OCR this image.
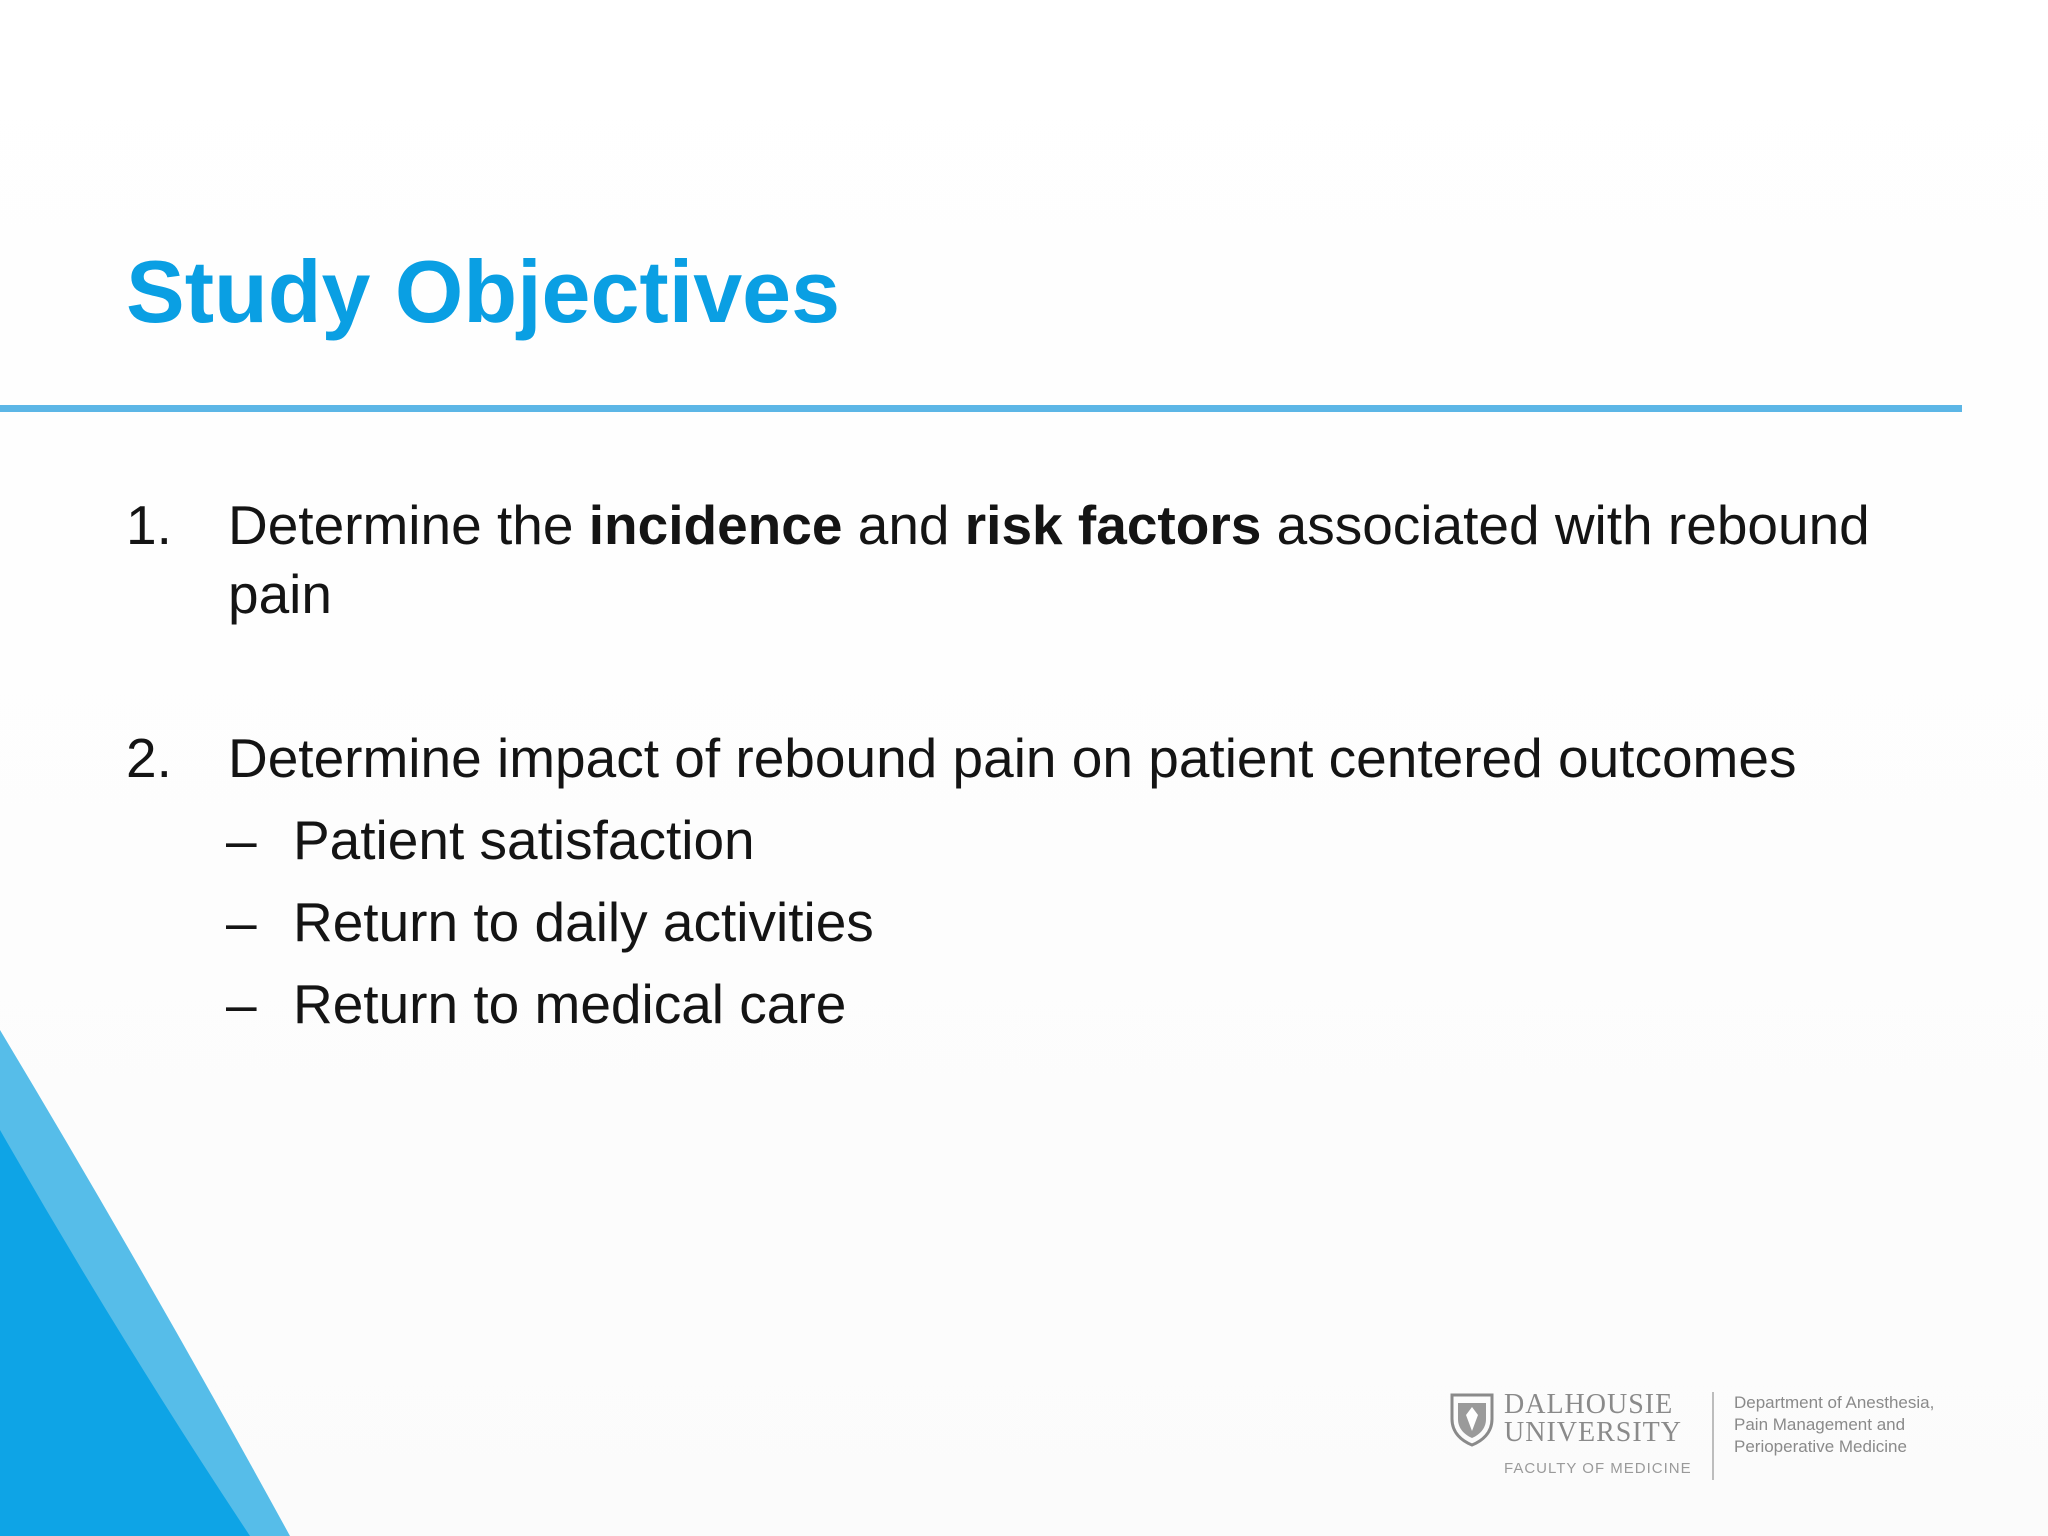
Study Objectives
1. Determine the incidence and risk factors associated with rebound
pain
2. Determine impact of rebound pain on patient centered outcomes
– Patient satisfaction
– Return to daily activities
– Return to medical care
DALHOUSIE
UNIVERSITY
FACULTY OF MEDICINE
Department of Anesthesia,
Pain Management and
Perioperative Medicine
